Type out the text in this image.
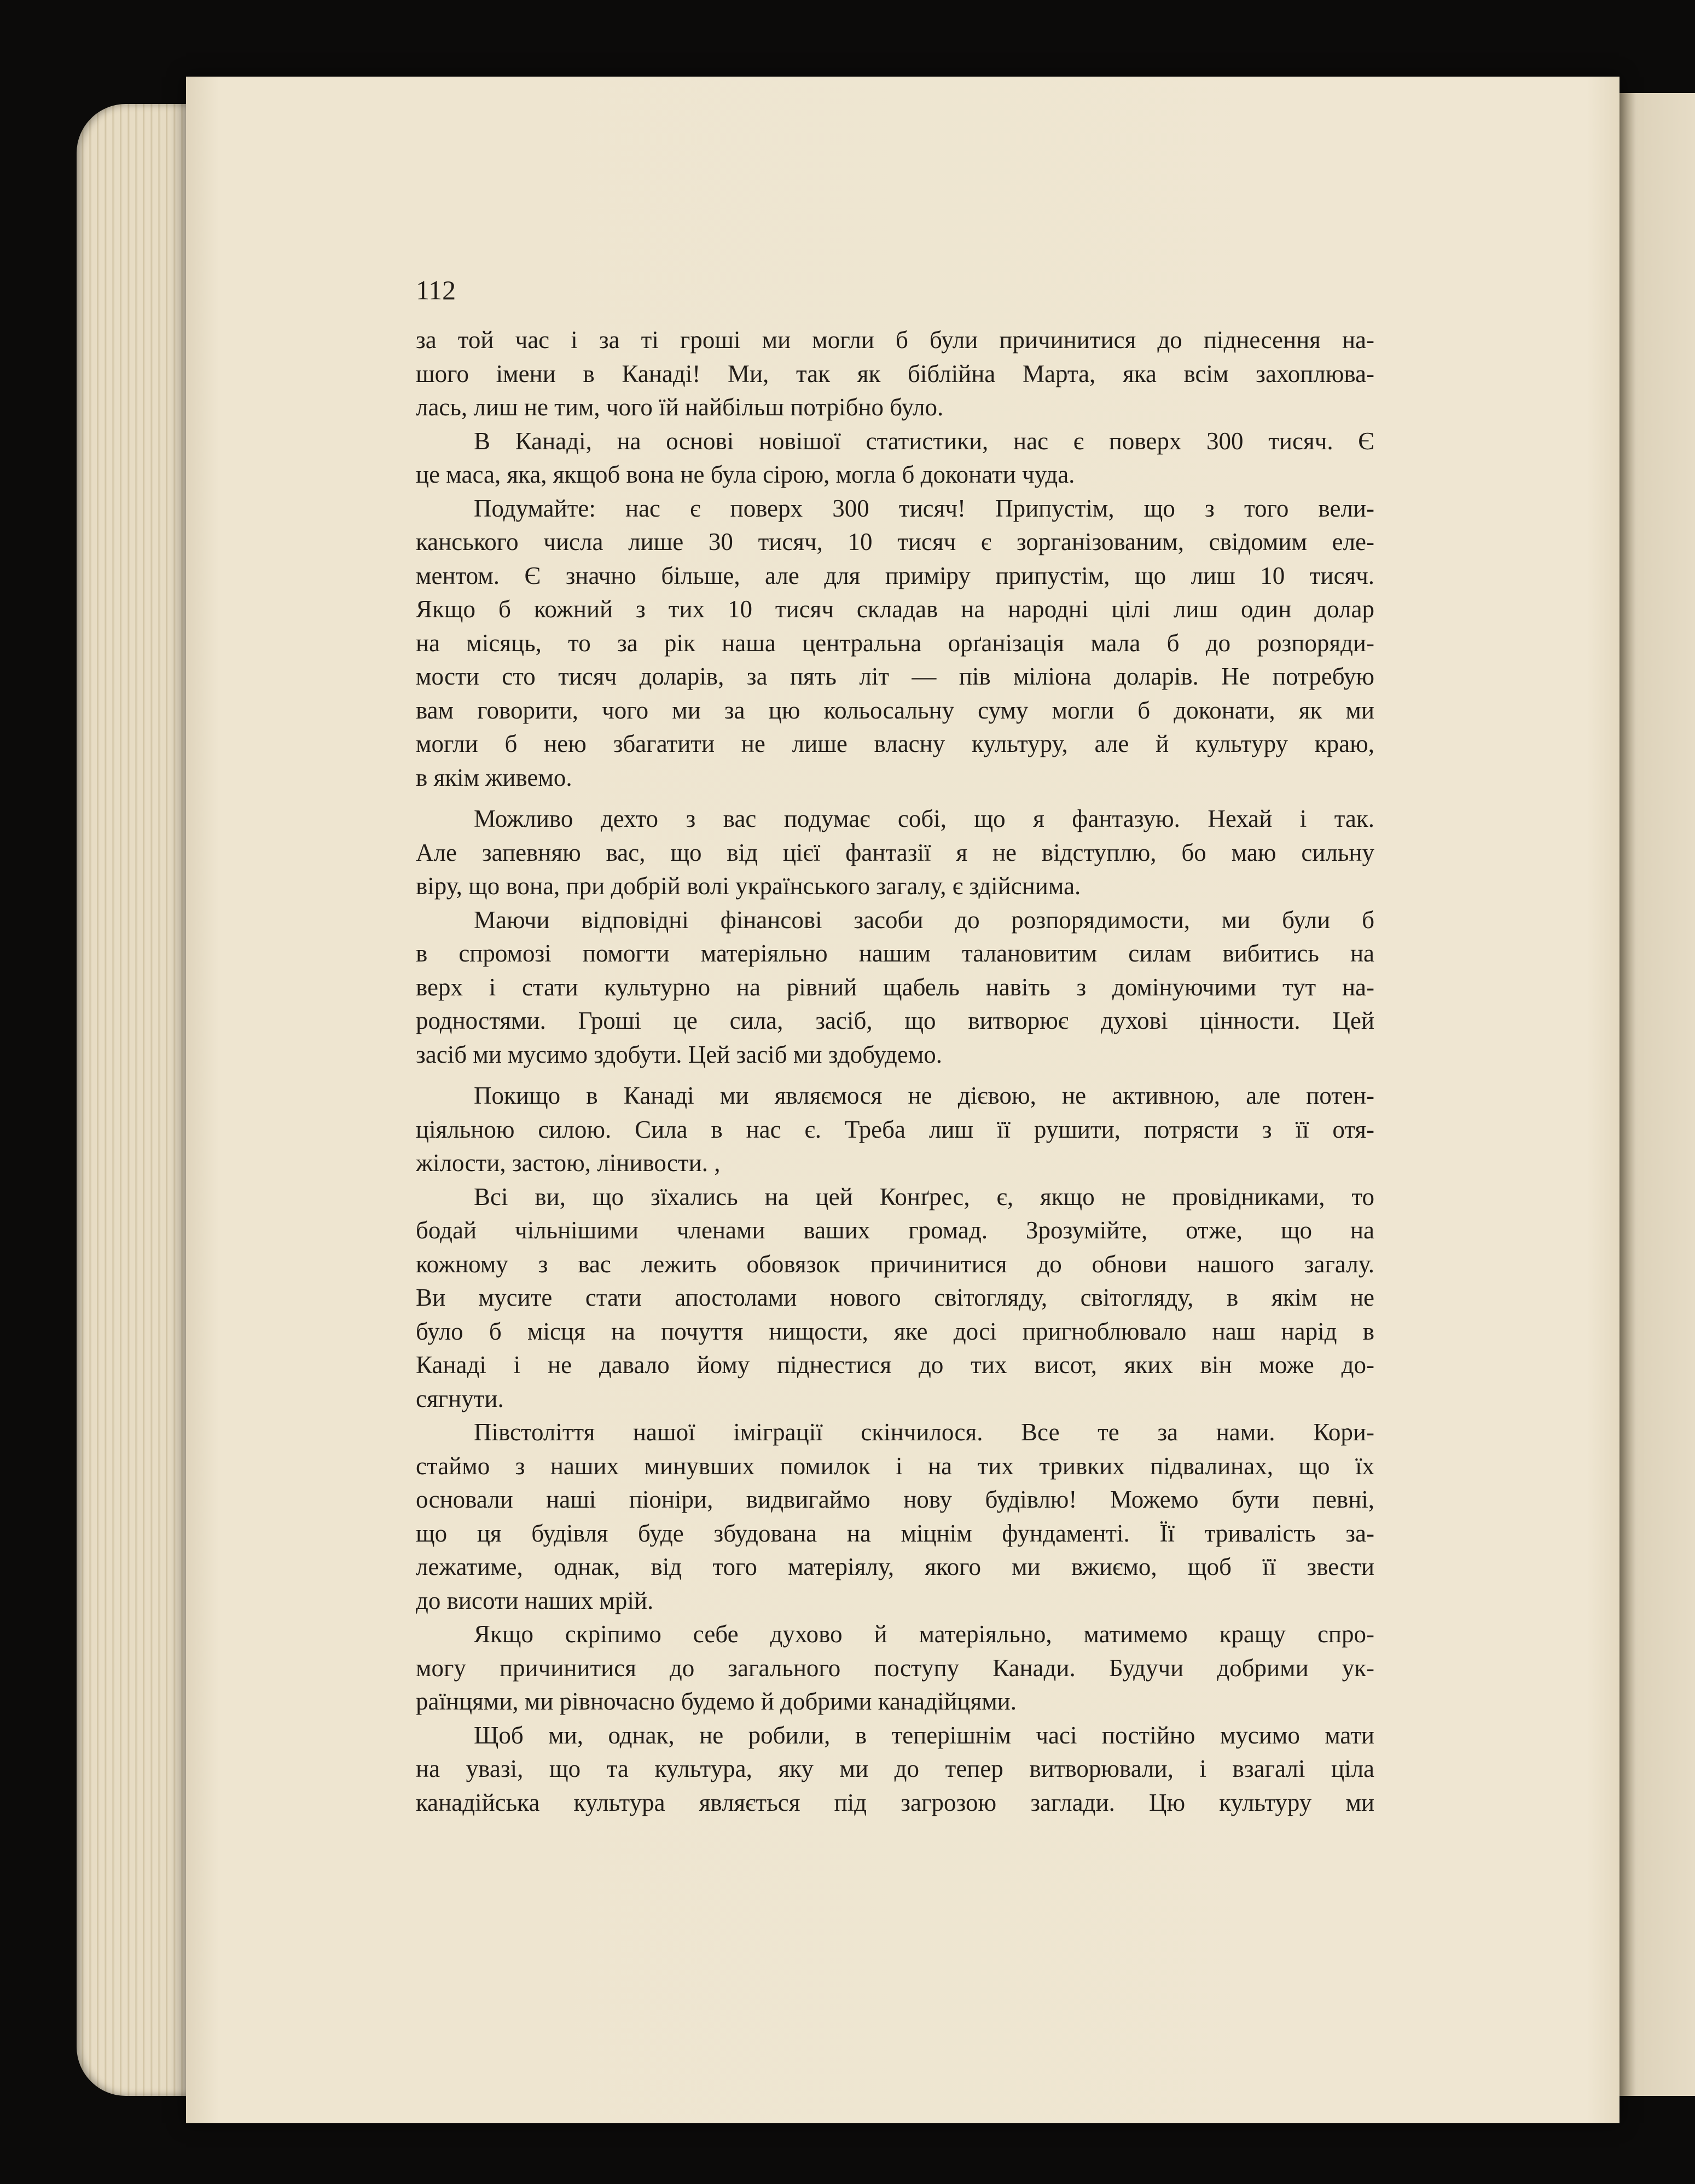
112
за той час і за ті гроші ми могли б були причинитися до піднесення на-
шого імени в Канаді! Ми, так як біблійна Марта, яка всім захоплюва-
лась, лиш не тим, чого їй найбільш потрібно було.
В Канаді, на основі новішої статистики, нас є поверх 300 тисяч. Є
це маса, яка, якщоб вона не була сірою, могла б доконати чуда.
Подумайте: нас є поверх 300 тисяч! Припустім, що з того вели-
канського числа лише 30 тисяч, 10 тисяч є зорганізованим, свідомим еле-
ментом. Є значно більше, але для приміру припустім, що лиш 10 тисяч.
Якщо б кожний з тих 10 тисяч складав на народні цілі лиш один долар
на місяць, то за рік наша центральна орґанізація мала б до розпоряди-
мости сто тисяч доларів, за пять літ — пів міліона доларів. Не потребую
вам говорити, чого ми за цю кольосальну суму могли б доконати, як ми
могли б нею збагатити не лише власну культуру, але й культуру краю,
в якім живемо.
Можливо дехто з вас подумає собі, що я фантазую. Нехай і так.
Але запевняю вас, що від цієї фантазії я не відступлю, бо маю сильну
віру, що вона, при добрій волі українського загалу, є здійснима.
Маючи відповідні фінансові засоби до розпорядимости, ми були б
в спромозі помогти матеріяльно нашим талановитим силам вибитись на
верх і стати культурно на рівний щабель навіть з домінуючими тут на-
родностями. Гроші це сила, засіб, що витворює духові цінности. Цей
засіб ми мусимо здобути. Цей засіб ми здобудемо.
Покищо в Канаді ми являємося не дієвою, не активною, але потен-
ціяльною силою. Сила в нас є. Треба лиш її рушити, потрясти з її отя-
жілости, застою, лінивости. ,
Всі ви, що зїхались на цей Конґрес, є, якщо не провідниками, то
бодай чільнішими членами ваших громад. Зрозумійте, отже, що на
кожному з вас лежить обовязок причинитися до обнови нашого загалу.
Ви мусите стати апостолами нового світогляду, світогляду, в якім не
було б місця на почуття нищости, яке досі пригноблювало наш нарід в
Канаді і не давало йому піднестися до тих висот, яких він може до-
сягнути.
Півстоліття нашої іміграції скінчилося. Все те за нами. Кори-
стаймо з наших минувших помилок і на тих тривких підвалинах, що їх
основали наші піоніри, видвигаймо нову будівлю! Можемо бути певні,
що ця будівля буде збудована на міцнім фундаменті. Її тривалість за-
лежатиме, однак, від того матеріялу, якого ми вжиємо, щоб її звести
до висоти наших мрій.
Якщо скріпимо себе духово й матеріяльно, матимемо кращу спро-
могу причинитися до загального поступу Канади. Будучи добрими ук-
раїнцями, ми рівночасно будемо й добрими канадійцями.
Щоб ми, однак, не робили, в теперішнім часі постійно мусимо мати
на увазі, що та культура, яку ми до тепер витворювали, і взагалі ціла
канадійська культура являється під загрозою заглади. Цю культуру ми
